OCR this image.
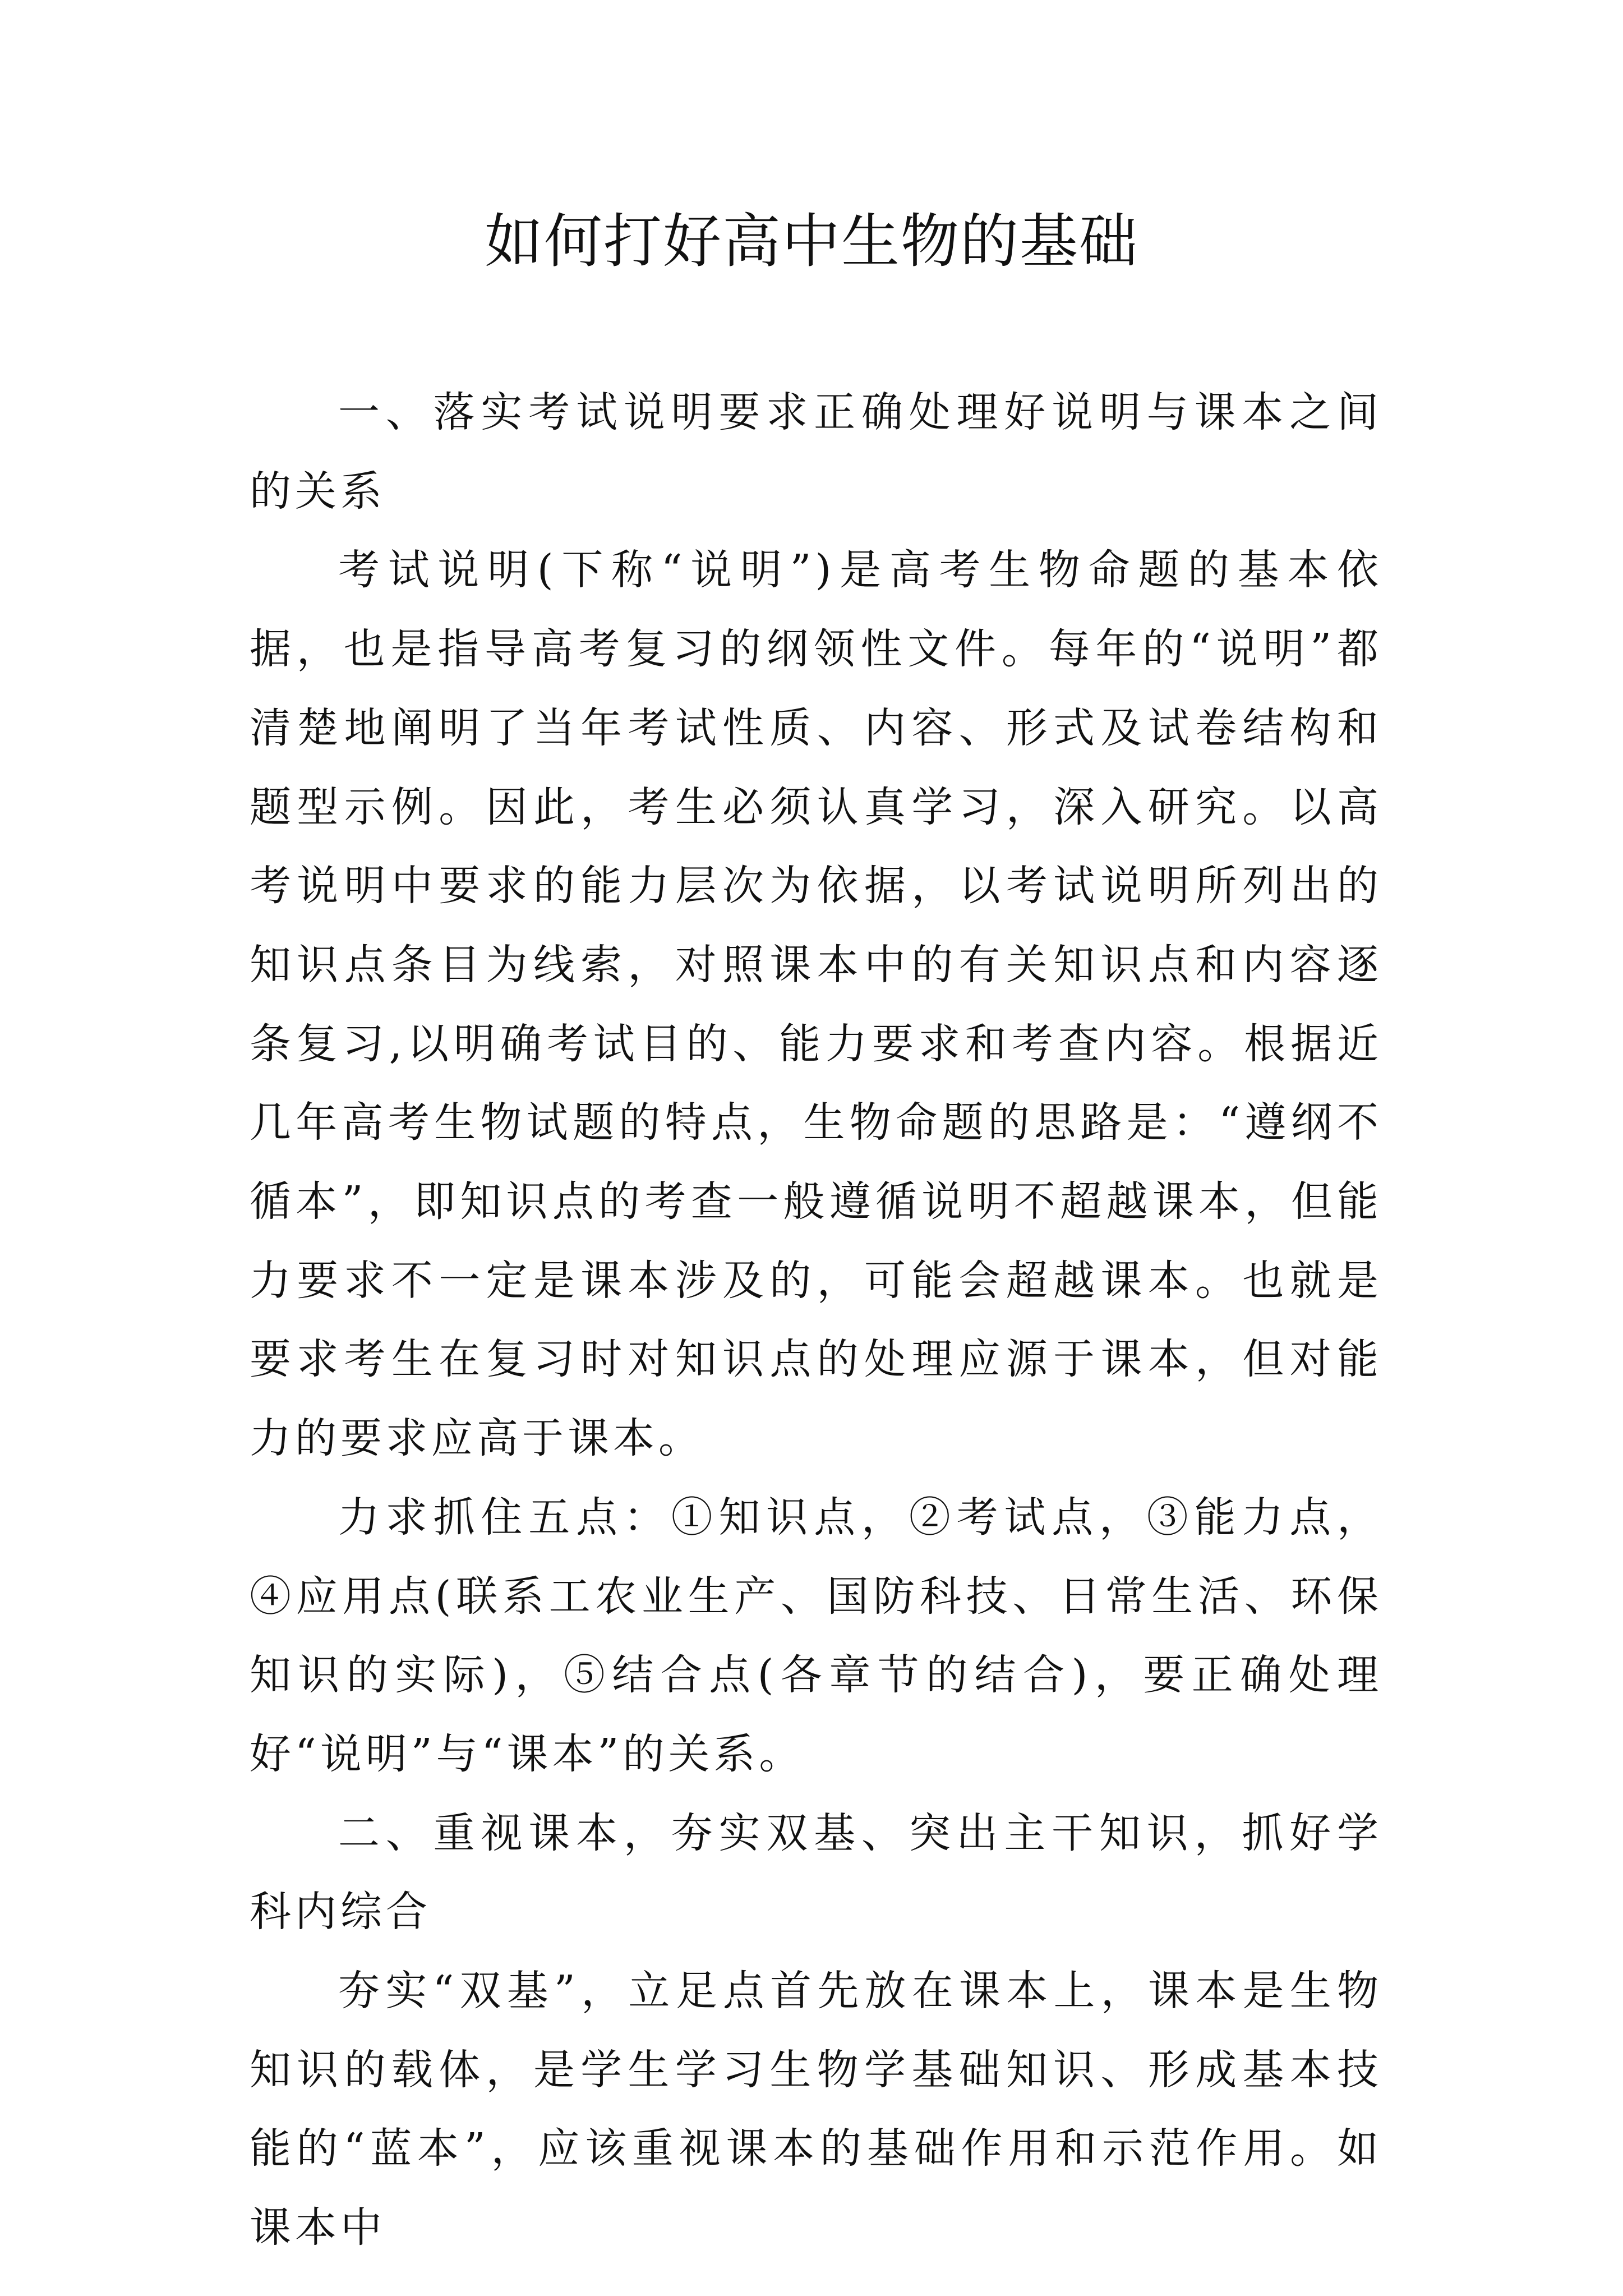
如何打好高中生物的基础

一、落实考试说明要求正确处理好说明与课本之间的关系

考试说明(下称“说明”)是高考生物命题的基本依据，也是指导高考复习的纲领性文件。每年的“说明”都清楚地阐明了当年考试性质、内容、形式及试卷结构和题型示例。因此，考生必须认真学习，深入研究。以高考说明中要求的能力层次为依据，以考试说明所列出的知识点条目为线索，对照课本中的有关知识点和内容逐条复习,以明确考试目的、能力要求和考查内容。根据近几年高考生物试题的特点，生物命题的思路是：“遵纲不循本”，即知识点的考查一般遵循说明不超越课本，但能力要求不一定是课本涉及的，可能会超越课本。也就是要求考生在复习时对知识点的处理应源于课本，但对能力的要求应高于课本。

力求抓住五点：①知识点，②考试点，③能力点，④应用点(联系工农业生产、国防科技、日常生活、环保知识的实际)，⑤结合点(各章节的结合)，要正确处理好“说明”与“课本”的关系。

二、重视课本，夯实双基、突出主干知识，抓好学科内综合

夯实“双基”，立足点首先放在课本上，课本是生物知识的载体，是学生学习生物学基础知识、形成基本技能的“蓝本”，应该重视课本的基础作用和示范作用。如课本中
